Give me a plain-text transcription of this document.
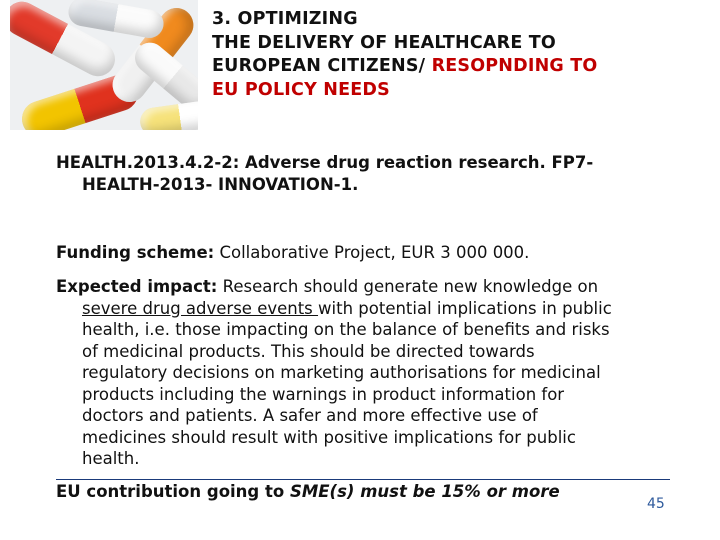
3. OPTIMIZING
THE DELIVERY OF HEALTHCARE TO
EUROPEAN CITIZENS/ RESOPNDING TO
EU POLICY NEEDS
HEALTH.2013.4.2-2: Adverse drug reaction research. FP7-
HEALTH-2013- INNOVATION-1.
Funding scheme: Collaborative Project, EUR 3 000 000.
Expected impact: Research should generate new knowledge on
severe drug adverse events with potential implications in public
health, i.e. those impacting on the balance of benefits and risks
of medicinal products. This should be directed towards
regulatory decisions on marketing authorisations for medicinal
products including the warnings in product information for
doctors and patients. A safer and more effective use of
medicines should result with positive implications for public
health.
EU contribution going to SME(s) must be 15% or more
45
